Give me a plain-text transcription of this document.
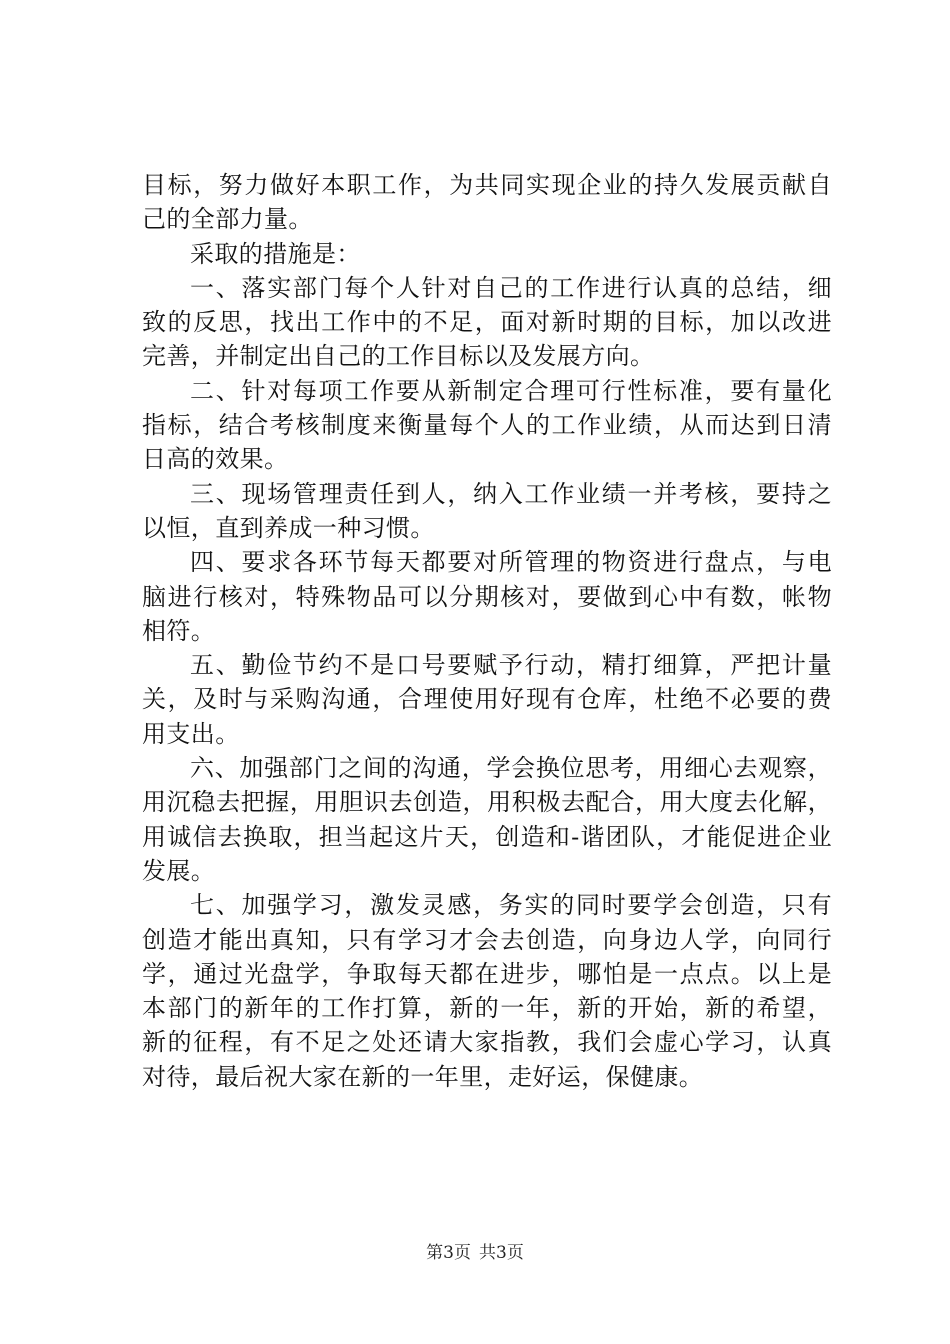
目标，努力做好本职工作，为共同实现企业的持久发展贡献自
己的全部力量。
采取的措施是：
一、落实部门每个人针对自己的工作进行认真的总结，细
致的反思，找出工作中的不足，面对新时期的目标，加以改进
完善，并制定出自己的工作目标以及发展方向。
二、针对每项工作要从新制定合理可行性标准，要有量化
指标，结合考核制度来衡量每个人的工作业绩，从而达到日清
日高的效果。
三、现场管理责任到人，纳入工作业绩一并考核，要持之
以恒，直到养成一种习惯。
四、要求各环节每天都要对所管理的物资进行盘点，与电
脑进行核对，特殊物品可以分期核对，要做到心中有数，帐物
相符。
五、勤俭节约不是口号要赋予行动，精打细算，严把计量
关，及时与采购沟通，合理使用好现有仓库，杜绝不必要的费
用支出。
六、加强部门之间的沟通，学会换位思考，用细心去观察，
用沉稳去把握，用胆识去创造，用积极去配合，用大度去化解，
用诚信去换取，担当起这片天，创造和-谐团队，才能促进企业
发展。
七、加强学习，激发灵感，务实的同时要学会创造，只有
创造才能出真知，只有学习才会去创造，向身边人学，向同行
学，通过光盘学，争取每天都在进步，哪怕是一点点。以上是
本部门的新年的工作打算，新的一年，新的开始，新的希望，
新的征程，有不足之处还请大家指教，我们会虚心学习，认真
对待，最后祝大家在新的一年里，走好运，保健康。
第3页 共3页
